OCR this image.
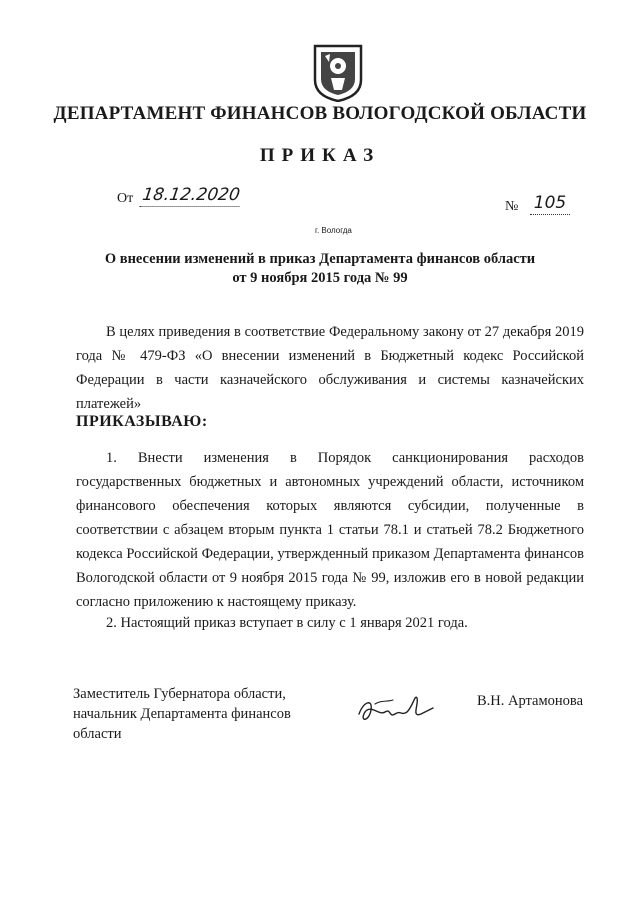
ДЕПАРТАМЕНТ ФИНАНСОВ ВОЛОГОДСКОЙ ОБЛАСТИ
ПРИКАЗ
От 18.12.2020
№ 105
г. Вологда
О внесении изменений в приказ Департамента финансов области
от 9 ноября 2015 года № 99
В целях приведения в соответствие Федеральному закону от 27 декабря 2019 года № 479-ФЗ «О внесении изменений в Бюджетный кодекс Российской Федерации в части казначейского обслуживания и системы казначейских платежей»
ПРИКАЗЫВАЮ:
1. Внести изменения в Порядок санкционирования расходов государственных бюджетных и автономных учреждений области, источником финансового обеспечения которых являются субсидии, полученные в соответствии с абзацем вторым пункта 1 статьи 78.1 и статьей 78.2 Бюджетного кодекса Российской Федерации, утвержденный приказом Департамента финансов Вологодской области от 9 ноября 2015 года № 99, изложив его в новой редакции согласно приложению к настоящему приказу.
2. Настоящий приказ вступает в силу с 1 января 2021 года.
Заместитель Губернатора области,
начальник Департамента финансов
области
В.Н. Артамонова
